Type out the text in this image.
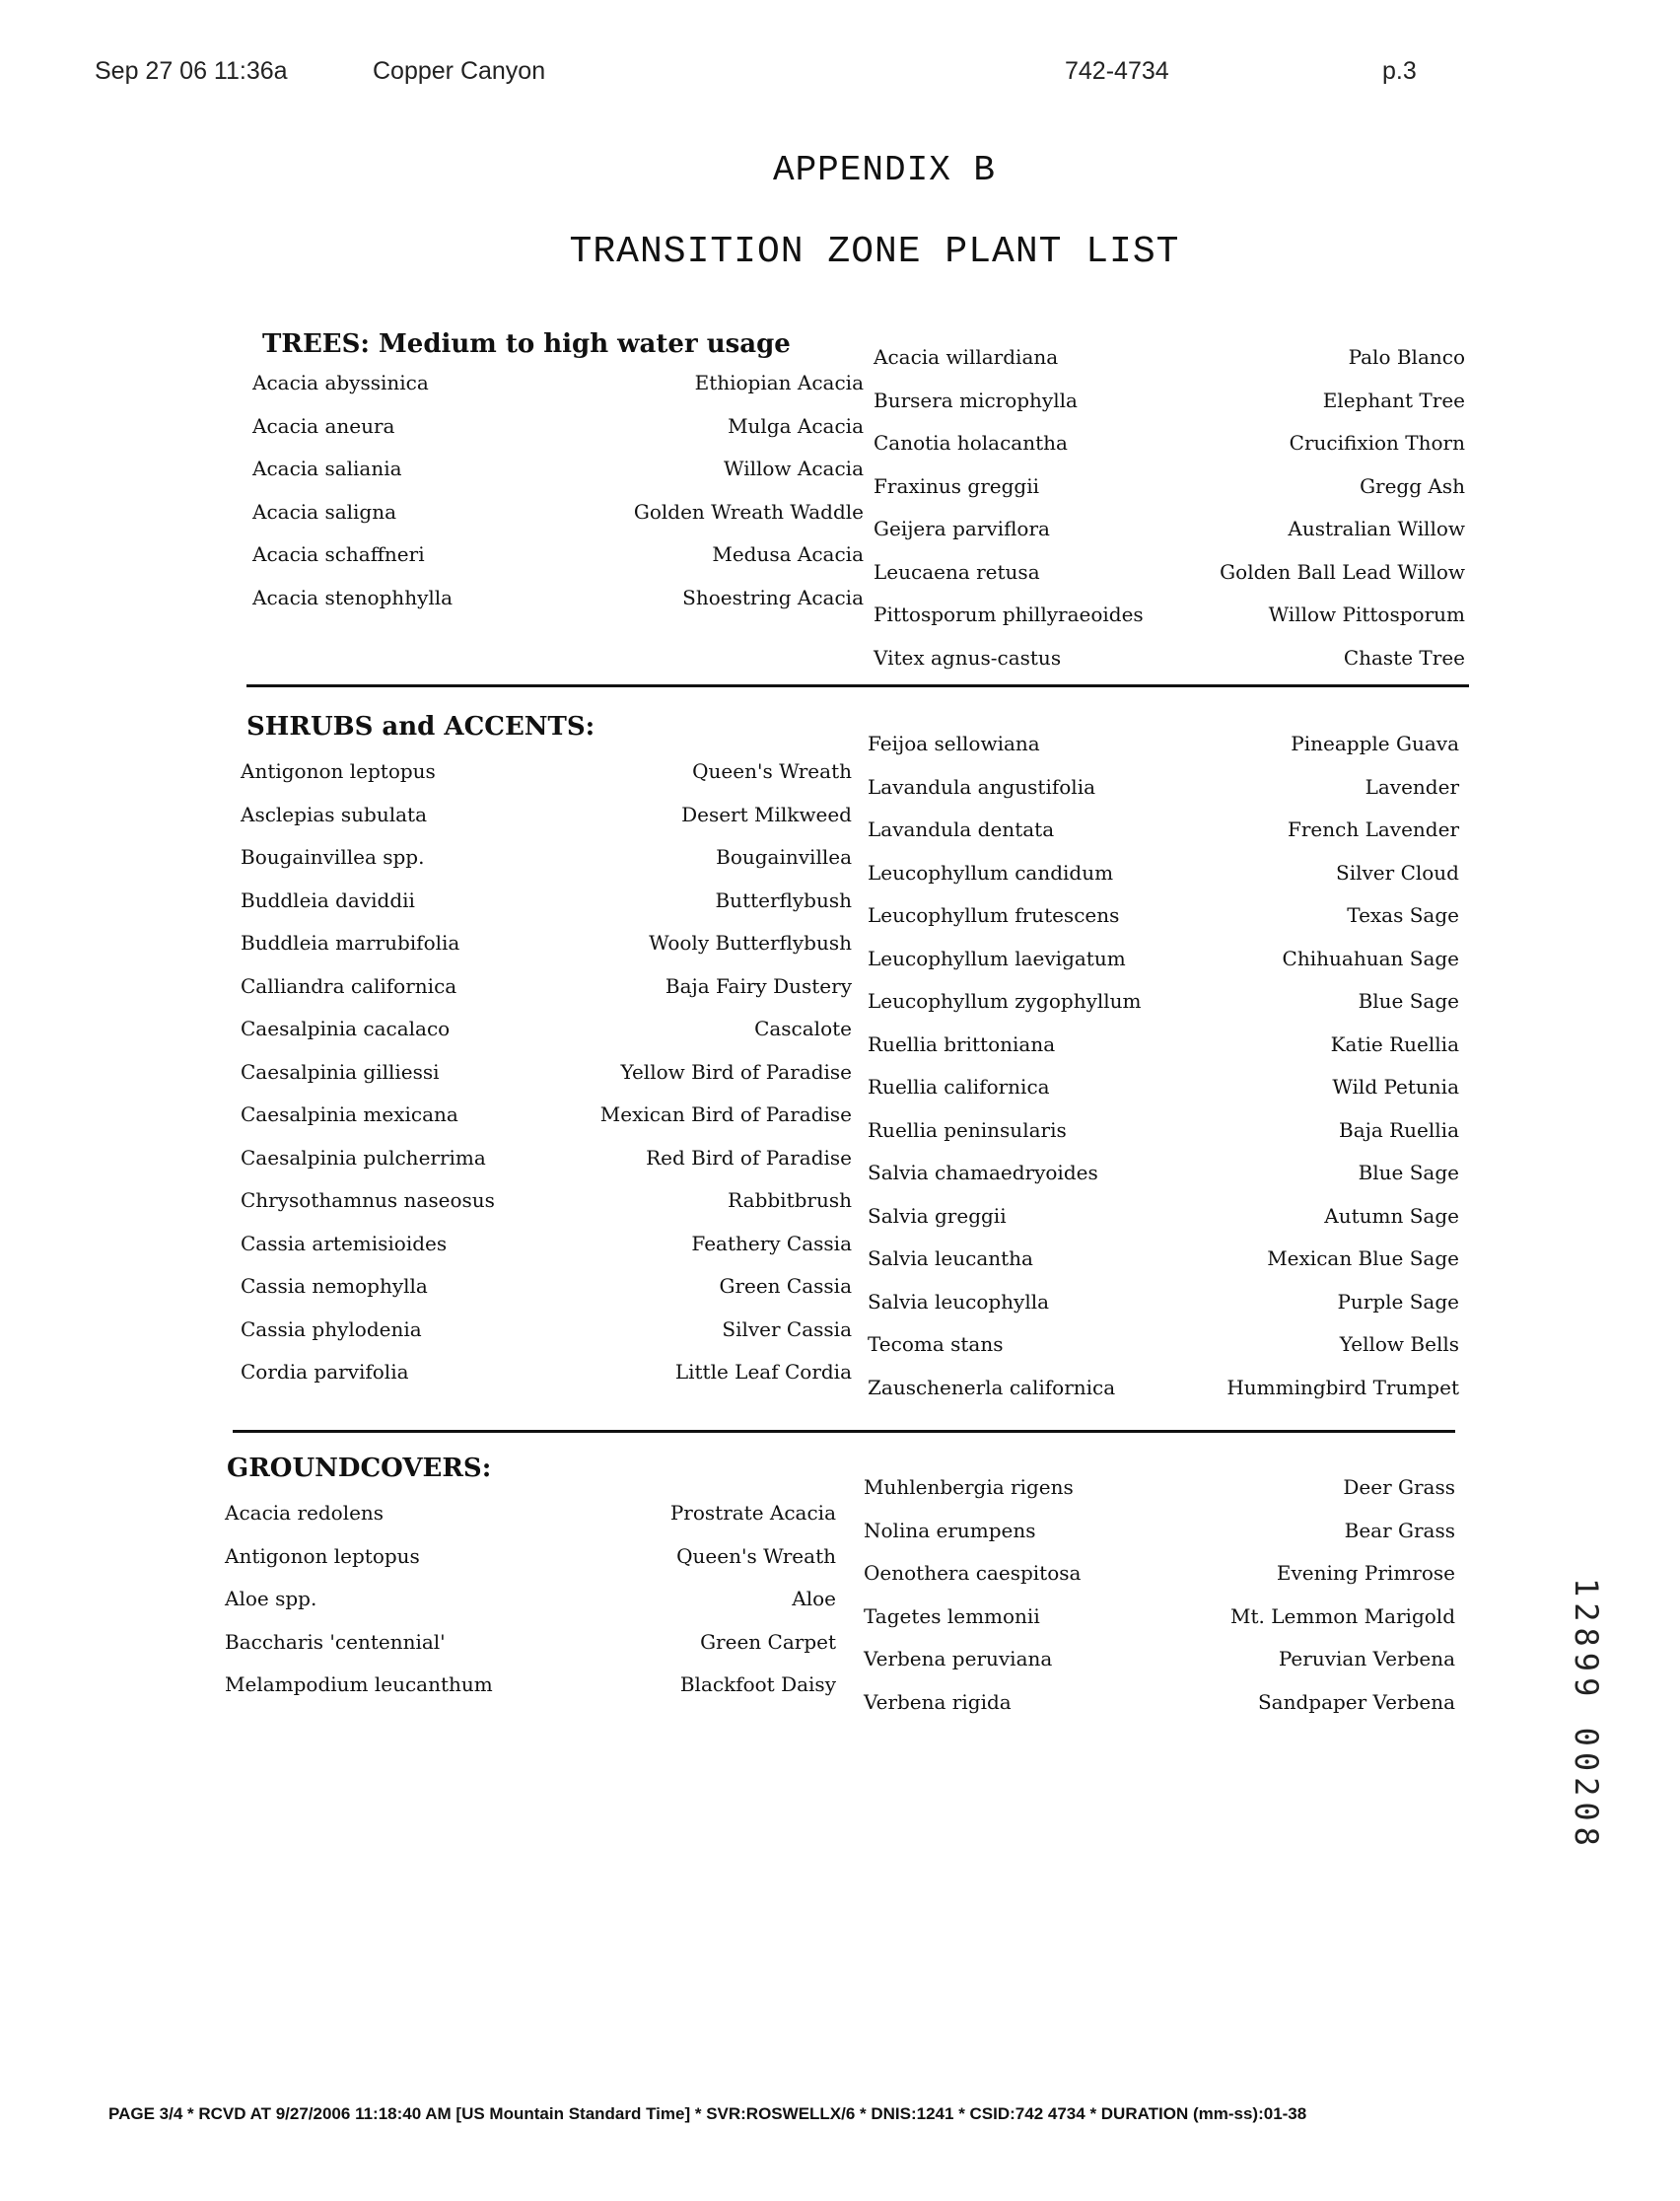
Sep 27 06 11:36a	Copper Canyon	742-4734	p.3
APPENDIX B
TRANSITION ZONE PLANT LIST
TREES: Medium to high water usage
Acacia abyssinica	Ethiopian Acacia
Acacia aneura	Mulga Acacia
Acacia saliania	Willow Acacia
Acacia saligna	Golden Wreath Waddle
Acacia schaffneri	Medusa Acacia
Acacia stenophhylla	Shoestring Acacia
Acacia willardiana	Palo Blanco
Bursera microphylla	Elephant Tree
Canotia holacantha	Crucifixion Thorn
Fraxinus greggii	Gregg Ash
Geijera parviflora	Australian Willow
Leucaena retusa	Golden Ball Lead Willow
Pittosporum phillyraeoides	Willow Pittosporum
Vitex agnus-castus	Chaste Tree
SHRUBS and ACCENTS:
Antigonon leptopus	Queen's Wreath
Asclepias subulata	Desert Milkweed
Bougainvillea spp.	Bougainvillea
Buddleia daviddii	Butterflybush
Buddleia marrubifolia	Wooly Butterflybush
Calliandra californica	Baja Fairy Dustery
Caesalpinia cacalaco	Cascalote
Caesalpinia gilliessi	Yellow Bird of Paradise
Caesalpinia mexicana	Mexican Bird of Paradise
Caesalpinia pulcherrima	Red Bird of Paradise
Chrysothamnus naseosus	Rabbitbrush
Cassia artemisioides	Feathery Cassia
Cassia nemophylla	Green Cassia
Cassia phylodenia	Silver Cassia
Cordia parvifolia	Little Leaf Cordia
Feijoa sellowiana	Pineapple Guava
Lavandula angustifolia	Lavender
Lavandula dentata	French Lavender
Leucophyllum candidum	Silver Cloud
Leucophyllum frutescens	Texas Sage
Leucophyllum laevigatum	Chihuahuan Sage
Leucophyllum zygophyllum	Blue Sage
Ruellia brittoniana	Katie Ruellia
Ruellia californica	Wild Petunia
Ruellia peninsularis	Baja Ruellia
Salvia chamaedryoides	Blue Sage
Salvia greggii	Autumn Sage
Salvia leucantha	Mexican Blue Sage
Salvia leucophylla	Purple Sage
Tecoma stans	Yellow Bells
Zauschenerla californica	Hummingbird Trumpet
GROUNDCOVERS:
Acacia redolens	Prostrate Acacia
Antigonon leptopus	Queen's Wreath
Aloe spp.	Aloe
Baccharis 'centennial'	Green Carpet
Melampodium leucanthum	Blackfoot Daisy
Muhlenbergia rigens	Deer Grass
Nolina erumpens	Bear Grass
Oenothera caespitosa	Evening Primrose
Tagetes lemmonii	Mt. Lemmon Marigold
Verbena peruviana	Peruvian Verbena
Verbena rigida	Sandpaper Verbena	12899 00208
PAGE 3/4 * RCVD AT 9/27/2006 11:18:40 AM [US Mountain Standard Time] * SVR:ROSWELLX/6 * DNIS:1241 * CSID:742 4734 * DURATION (mm-ss):01-38
